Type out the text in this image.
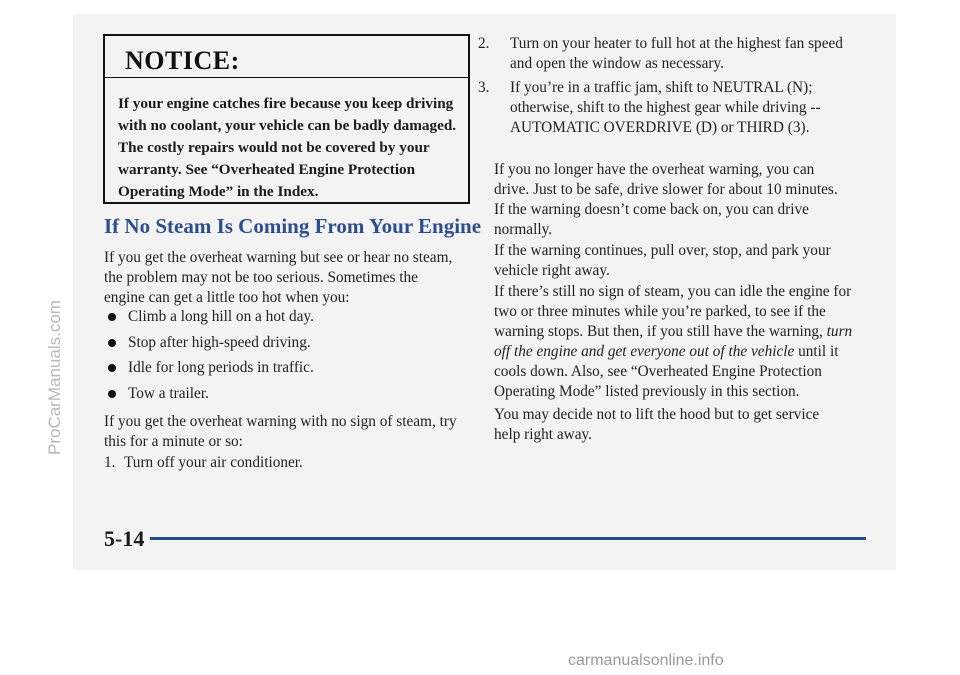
NOTICE:
If your engine catches fire because you keep driving with no coolant, your vehicle can be badly damaged. The costly repairs would not be covered by your warranty. See “Overheated Engine Protection Operating Mode” in the Index.
If No Steam Is Coming From Your Engine
If you get the overheat warning but see or hear no steam, the problem may not be too serious. Sometimes the engine can get a little too hot when you:
Climb a long hill on a hot day.
Stop after high-speed driving.
Idle for long periods in traffic.
Tow a trailer.
If you get the overheat warning with no sign of steam, try this for a minute or so:
1. Turn off your air conditioner.
2. Turn on your heater to full hot at the highest fan speed and open the window as necessary.
3. If you’re in a traffic jam, shift to NEUTRAL (N); otherwise, shift to the highest gear while driving -- AUTOMATIC OVERDRIVE (D) or THIRD (3).
If you no longer have the overheat warning, you can drive. Just to be safe, drive slower for about 10 minutes. If the warning doesn’t come back on, you can drive normally.
If the warning continues, pull over, stop, and park your vehicle right away.
If there’s still no sign of steam, you can idle the engine for two or three minutes while you’re parked, to see if the warning stops. But then, if you still have the warning, turn off the engine and get everyone out of the vehicle until it cools down. Also, see “Overheated Engine Protection Operating Mode” listed previously in this section.
You may decide not to lift the hood but to get service help right away.
5-14
ProCarManuals.com
carmanualsonline.info
